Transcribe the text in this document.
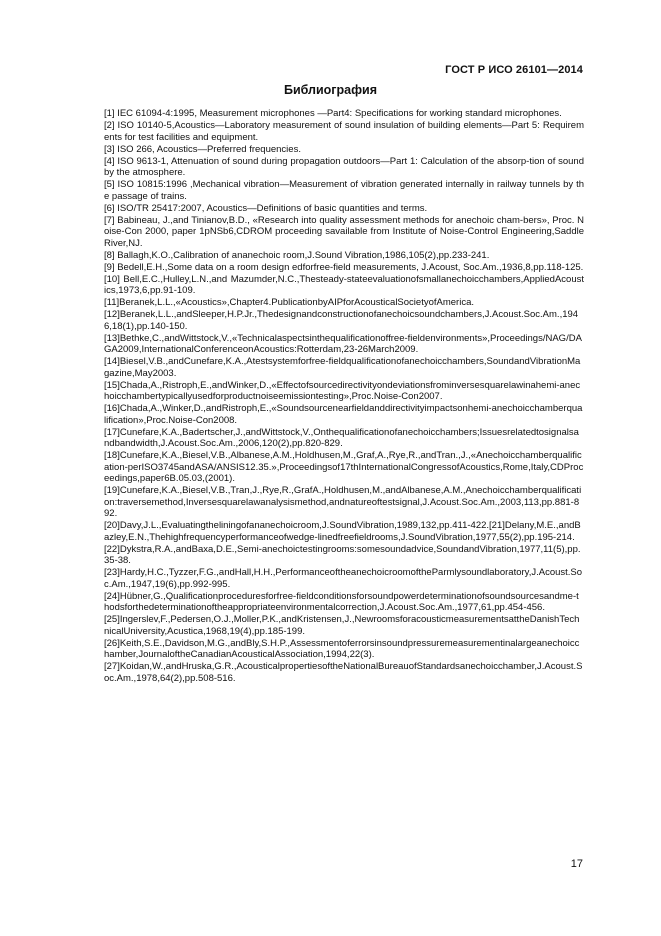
ГОСТ Р ИСО 26101—2014

Библиография
[1] IEC 61094-4:1995, Measurement microphones —Part4: Specifications for working standard microphones.
[2] ISO 10140-5,Acoustics—Laboratory measurement of sound insulation of building elements—Part 5: Requirements for test facilities and equipment.
[3] ISO 266, Acoustics—Preferred frequencies.
[4] ISO 9613-1, Attenuation of sound during propagation outdoors—Part 1: Calculation of the absorp-tion of sound by the atmosphere.
[5] ISO 10815:1996 ,Mechanical vibration—Measurement of vibration generated internally in railway tunnels by the passage of trains.
[6] ISO/TR 25417:2007, Acoustics—Definitions of basic quantities and terms.
[7] Babineau, J.,and Tinianov,B.D., «Research into quality assessment methods for anechoic cham-bers», Proc. Noise-Con 2000, paper 1pNSb6,CDROM proceeding savailable from Institute of Noise-Control Engineering,Saddle River,NJ.
[8] Ballagh,K.O.,Calibration of ananechoic room,J.Sound Vibration,1986,105(2),pp.233-241.
[9] Bedell,E.H.,Some data on a room design edforfree-field measurements, J.Acoust, Soc.Am.,1936,8,pp.118-125.
[10] Bell,E.C.,Hulley,L.N.,and Mazumder,N.C.,Thesteady-stateevaluationofsmallanechoicchambers,AppliedAcoustics,1973,6,pp.91-109.
[11]Beranek,L.L.,«Acoustics»,Chapter4.PublicationbyAIPforAcousticalSocietyofAmerica.
[12]Beranek,L.L.,andSleeper,H.P.Jr.,Thedesignandconstructionofanechoicsoundchambers,J.Acoust.Soc.Am.,1946,18(1),pp.140-150.
[13]Bethke,C.,andWittstock,V.,«Technicalaspectsinthequalificationoffree-fieldenvironments»,Proceedings/NAG/DAGA2009,InternationalConferenceonAcoustics:Rotterdam,23-26March2009.
[14]Biesel,V.B.,andCunefare,K.A.,Atestsystemforfree-fieldqualificationofanechoicchambers,SoundandVibrationMagazine,May2003.
[15]Chada,A.,Ristroph,E.,andWinker,D.,«Effectofsourcedirectivityondeviationsfrominversesquarelawinahemi-anechoicchambertypicallyusedforproductnoiseemissiontesting»,Proc.Noise-Con2007.
[16]Chada,A.,Winker,D.,andRistroph,E.,«Soundsourcenearfieldanddirectivityimpactsonhemi-anechoicchamberqualification»,Proc.Noise-Con2008.
[17]Cunefare,K.A.,Badertscher,J.,andWittstock,V.,Onthequalificationofanechoicchambers;Issuesrelatedtosignalsandbandwidth,J.Acoust.Soc.Am.,2006,120(2),pp.820-829.
[18]Cunefare,K.A.,Biesel,V.B.,Albanese,A.M.,Holdhusen,M.,Graf,A.,Rye,R.,andTran.,J.,«Anechoicchamberqualification-perISO3745andASA/ANSIS12.35.»,Proceedingsof17thInternationalCongressofAcoustics,Rome,Italy,CDProceedings,paper6B.05.03,(2001).
[19]Cunefare,K.A.,Biesel,V.B.,Tran,J.,Rye,R.,GrafA.,Holdhusen,M.,andAlbanese,A.M.,Anechoicchamberqualification:traversemethod,Inversesquarelawanalysismethod,andnatureoftestsignal,J.Acoust.Soc.Am.,2003,113,pp.881-892.
[20]Davy,J.L.,Evaluatingtheliningofananechoicroom,J.SoundVibration,1989,132,pp.411-422.[21]Delany,M.E.,andBazley,E.N.,Thehighfrequencyperformanceofwedge-linedfreefieldrooms,J.SoundVibration,1977,55(2),pp.195-214.
[22]Dykstra,R.A.,andBaxa,D.E.,Semi-anechoictestingrooms:somesoundadvice,SoundandVibration,1977,11(5),pp.35-38.
[23]Hardy,H.C.,Tyzzer,F.G.,andHall,H.H.,PerformanceoftheanechoicroomoftheParmlysoundlaboratory,J.Acoust.Soc.Am.,1947,19(6),pp.992-995.
[24]Hübner,G.,Qualificationproceduresforfree-fieldconditionsforsoundpowerdeterminationofsoundsourcesandme-thodsforthedeterminationoftheappropriateenvironmentalcorrection,J.Acoust.Soc.Am.,1977,61,pp.454-456.
[25]Ingerslev,F.,Pedersen,O.J.,Moller,P.K.,andKristensen,J.,NewroomsforacousticmeasurementsattheDanishTechnicalUniversity,Acustica,1968,19(4),pp.185-199.
[26]Keith,S.E.,Davidson,M.G.,andBly,S.H.P.,Assessmentoferrorsinsoundpressuremeasurementinalargeanechoicchamber,JournaloftheCanadianAcousticalAssociation,1994,22(3).
[27]Koidan,W.,andHruska,G.R.,AcousticalpropertiesoftheNationalBureauofStandardsanechoicchamber,J.Acoust.Soc.Am.,1978,64(2),pp.508-516.

17
